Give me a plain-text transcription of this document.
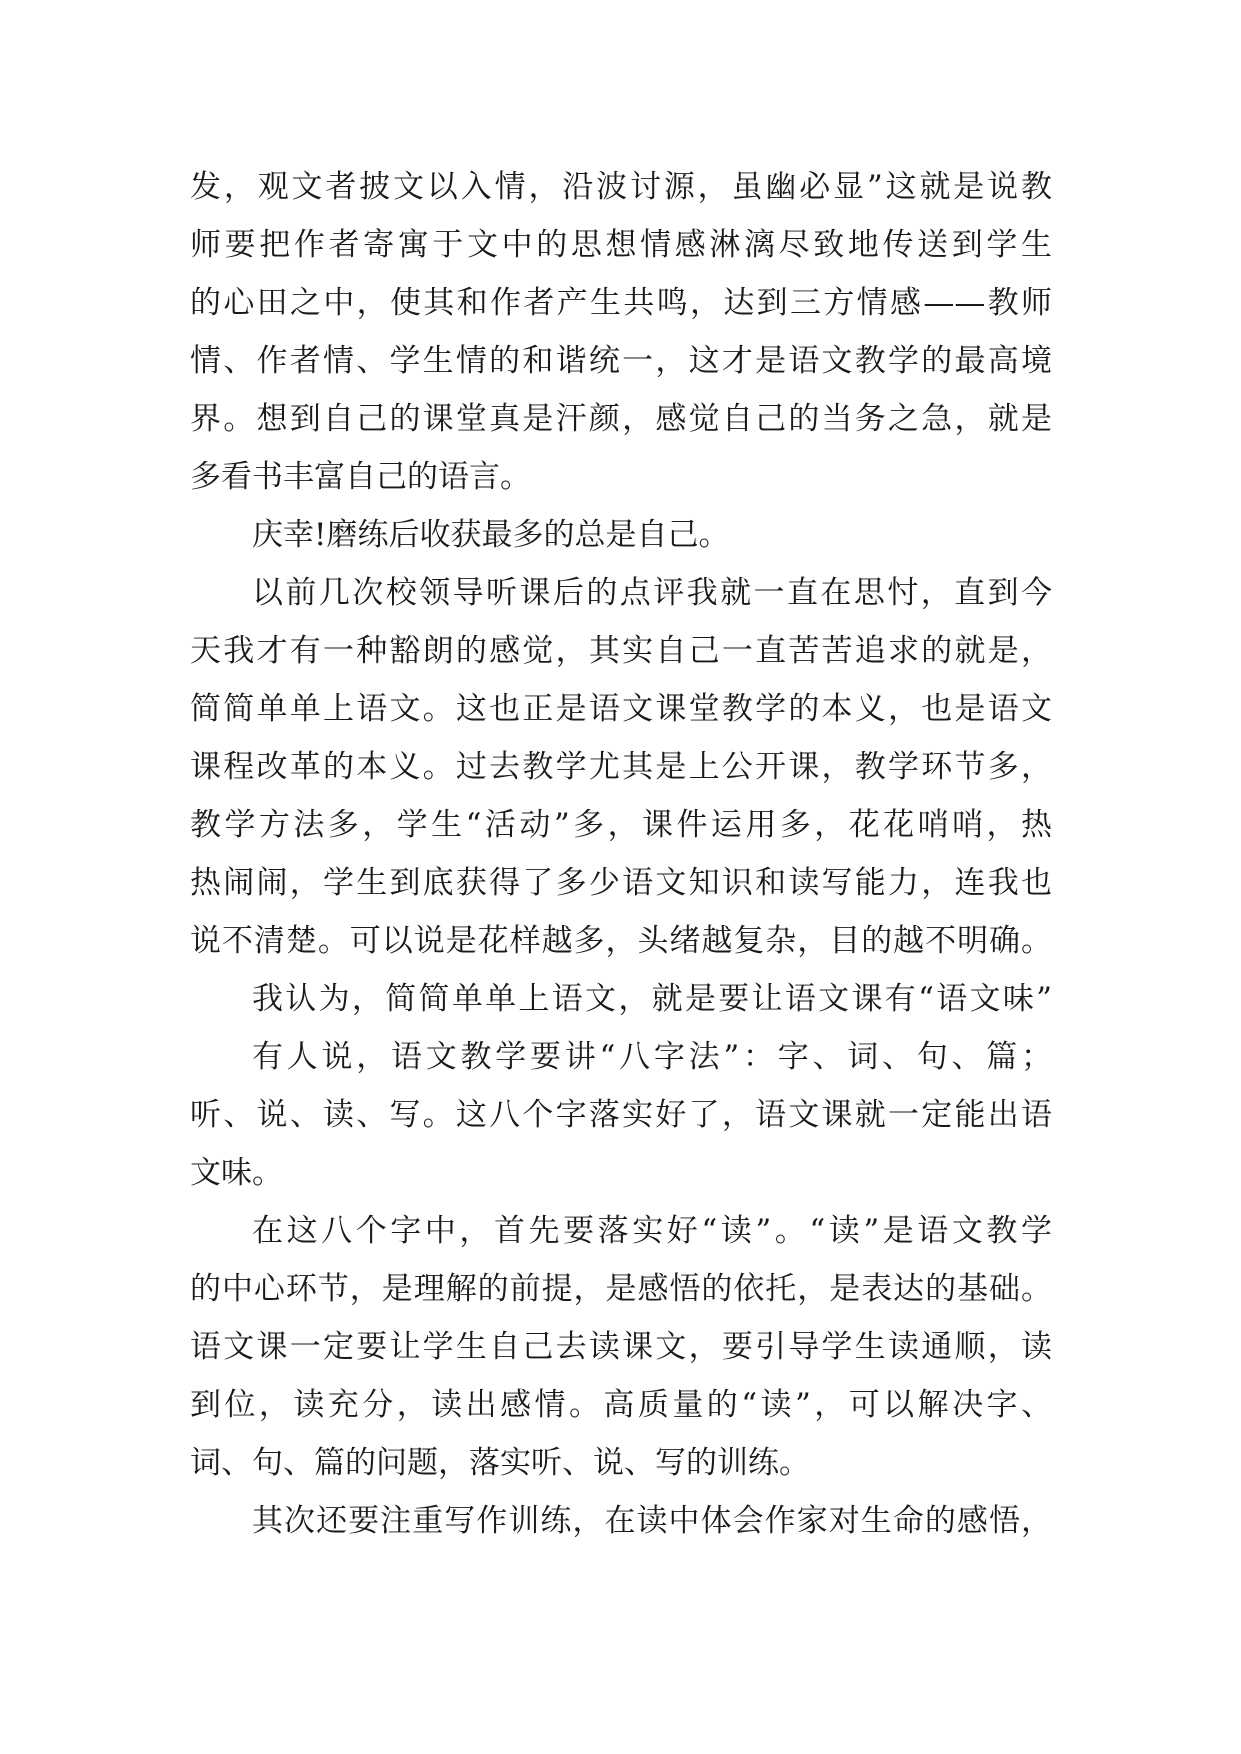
发，观文者披文以入情，沿波讨源，虽幽必显”这就是说教
师要把作者寄寓于文中的思想情感淋漓尽致地传送到学生
的心田之中，使其和作者产生共鸣，达到三方情感——教师
情、作者情、学生情的和谐统一，这才是语文教学的最高境
界。想到自己的课堂真是汗颜，感觉自己的当务之急，就是
多看书丰富自己的语言。
庆幸!磨练后收获最多的总是自己。
以前几次校领导听课后的点评我就一直在思忖，直到今
天我才有一种豁朗的感觉，其实自己一直苦苦追求的就是，
简简单单上语文。这也正是语文课堂教学的本义，也是语文
课程改革的本义。过去教学尤其是上公开课，教学环节多，
教学方法多，学生“活动”多，课件运用多，花花哨哨，热
热闹闹，学生到底获得了多少语文知识和读写能力，连我也
说不清楚。可以说是花样越多，头绪越复杂，目的越不明确。
我认为，简简单单上语文，就是要让语文课有“语文味”
有人说，语文教学要讲“八字法”：字、词、句、篇；
听、说、读、写。这八个字落实好了，语文课就一定能出语
文味。
在这八个字中，首先要落实好“读”。“读”是语文教学
的中心环节，是理解的前提，是感悟的依托，是表达的基础。
语文课一定要让学生自己去读课文，要引导学生读通顺，读
到位，读充分，读出感情。高质量的“读”，可以解决字、
词、句、篇的问题，落实听、说、写的训练。
其次还要注重写作训练，在读中体会作家对生命的感悟，
